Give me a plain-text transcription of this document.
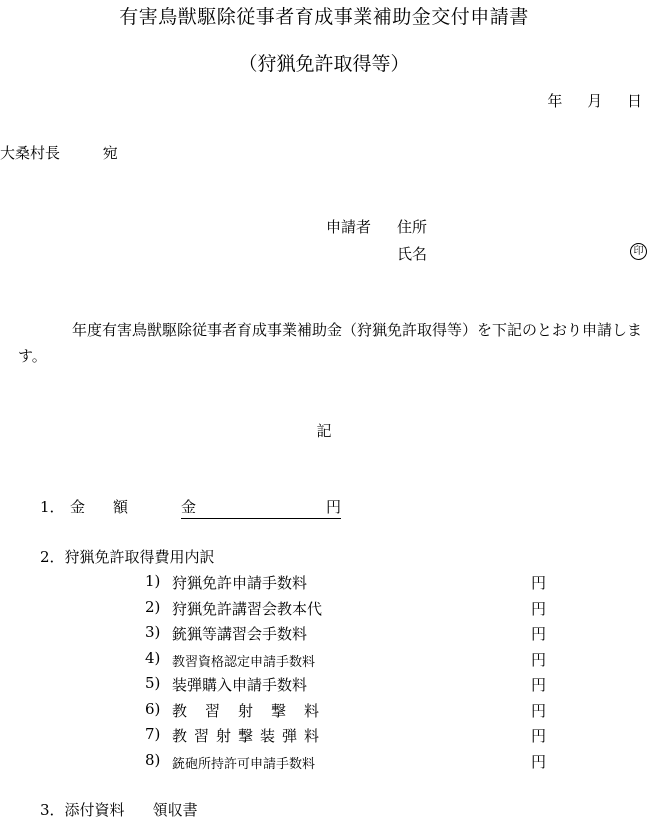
有害鳥獣駆除従事者育成事業補助金交付申請書
（狩猟免許取得等）
年 月 日
大桑村長	宛
申請者 住所
氏名	印
年度有害鳥獣駆除従事者育成事業補助金（狩猟免許取得等）を下記のとおり申請します。
記
1． 金額 金	円
2．狩猟免許取得費用内訳
1) 狩猟免許申請手数料	円
2) 狩猟免許講習会教本代	円
3) 銃猟等講習会手数料	円
4) 教習資格認定申請手数料	円
5) 装弾購入申請手数料	円
6) 教習射撃料	円
7) 教習射撃装弾料	円
8) 銃砲所持許可申請手数料	円
3．添付資料 領収書
